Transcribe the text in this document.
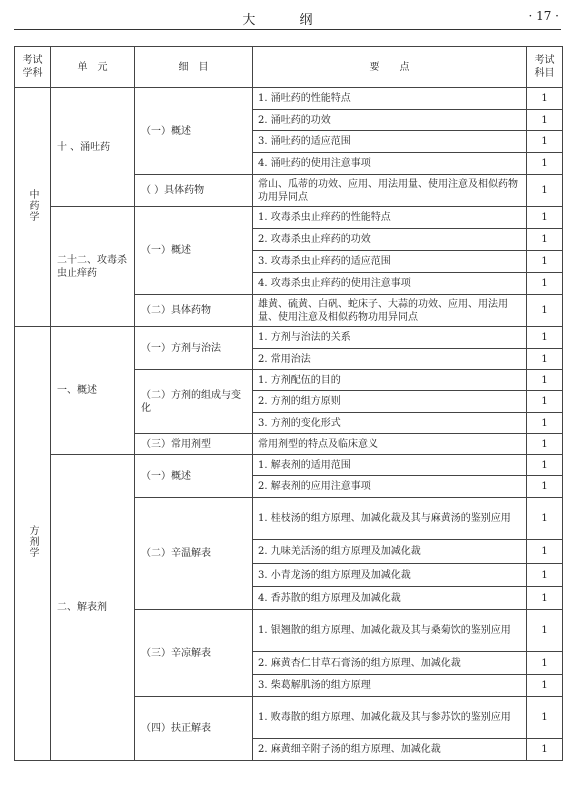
大 纲	· 17 ·
考试学科	单　元	细　目	要　　点	考试科目
中药学	十 、涌吐药	（一）概述	1. 涌吐药的性能特点	1
			2. 涌吐药的功效	1
			3. 涌吐药的适应范围	1
			4. 涌吐药的使用注意事项	1
		（ ）具体药物	常山、瓜蒂的功效、应用、用法用量、使用注意及相似药物功用异同点	1
	二十二、攻毒杀虫止痒药	（一）概述	1. 攻毒杀虫止痒药的性能特点	1
			2. 攻毒杀虫止痒药的功效	1
			3. 攻毒杀虫止痒药的适应范围	1
			4. 攻毒杀虫止痒药的使用注意事项	1
		（二）具体药物	雄黄、硫黄、白矾、蛇床子、大蒜的功效、应用、用法用量、使用注意及相似药物功用异同点	1
方剂学	一、概述	（一）方剂与治法	1. 方剂与治法的关系	1
			2. 常用治法	1
		（二）方剂的组成与变化	1. 方剂配伍的目的	1
			2. 方剂的组方原则	1
			3. 方剂的变化形式	1
		（三）常用剂型	常用剂型的特点及临床意义	1
	二、解表剂	（一）概述	1. 解表剂的适用范围	1
			2. 解表剂的应用注意事项	1
		（二）辛温解表	1. 桂枝汤的组方原理、加减化裁及其与麻黄汤的鉴别应用	1
			2. 九味羌活汤的组方原理及加减化裁	1
			3. 小青龙汤的组方原理及加减化裁	1
			4. 香苏散的组方原理及加减化裁	1
		（三）辛凉解表	1. 银翘散的组方原理、加减化裁及其与桑菊饮的鉴别应用	1
			2. 麻黄杏仁甘草石膏汤的组方原理、加减化裁	1
			3. 柴葛解肌汤的组方原理	1
		（四）扶正解表	1. 败毒散的组方原理、加减化裁及其与参苏饮的鉴别应用	1
			2. 麻黄细辛附子汤的组方原理、加减化裁	1
